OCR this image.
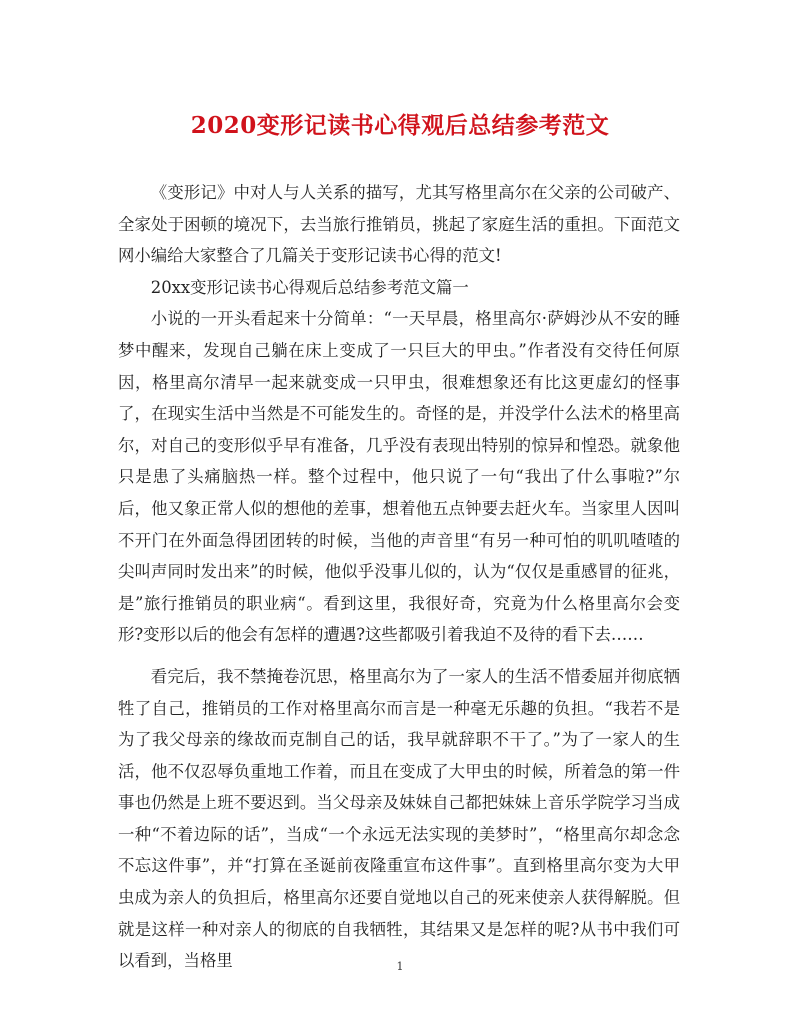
2020变形记读书心得观后总结参考范文

《变形记》中对人与人关系的描写，尤其写格里高尔在父亲的公司破产、全家处于困顿的境况下，去当旅行推销员，挑起了家庭生活的重担。下面范文网小编给大家整合了几篇关于变形记读书心得的范文!

20xx变形记读书心得观后总结参考范文篇一

小说的一开头看起来十分简单：“一天早晨，格里高尔·萨姆沙从不安的睡梦中醒来，发现自己躺在床上变成了一只巨大的甲虫。”作者没有交待任何原因，格里高尔清早一起来就变成一只甲虫，很难想象还有比这更虚幻的怪事了，在现实生活中当然是不可能发生的。奇怪的是，并没学什么法术的格里高尔，对自己的变形似乎早有准备，几乎没有表现出特别的惊异和惶恐。就象他只是患了头痛脑热一样。整个过程中，他只说了一句“我出了什么事啦?”尔后，他又象正常人似的想他的差事，想着他五点钟要去赶火车。当家里人因叫不开门在外面急得团团转的时候，当他的声音里“有另一种可怕的叽叽喳喳的尖叫声同时发出来”的时候，他似乎没事儿似的，认为“仅仅是重感冒的征兆，是”旅行推销员的职业病“。看到这里，我很好奇，究竟为什么格里高尔会变形?变形以后的他会有怎样的遭遇?这些都吸引着我迫不及待的看下去……

看完后，我不禁掩卷沉思，格里高尔为了一家人的生活不惜委屈并彻底牺牲了自己，推销员的工作对格里高尔而言是一种毫无乐趣的负担。“我若不是为了我父母亲的缘故而克制自己的话，我早就辞职不干了。”为了一家人的生活，他不仅忍辱负重地工作着，而且在变成了大甲虫的时候，所着急的第一件事也仍然是上班不要迟到。当父母亲及妹妹自己都把妹妹上音乐学院学习当成一种“不着边际的话”，当成“一个永远无法实现的美梦时”，“格里高尔却念念不忘这件事”，并“打算在圣诞前夜隆重宣布这件事”。直到格里高尔变为大甲虫成为亲人的负担后，格里高尔还要自觉地以自己的死来使亲人获得解脱。但就是这样一种对亲人的彻底的自我牺牲，其结果又是怎样的呢?从书中我们可以看到，当格里	1
